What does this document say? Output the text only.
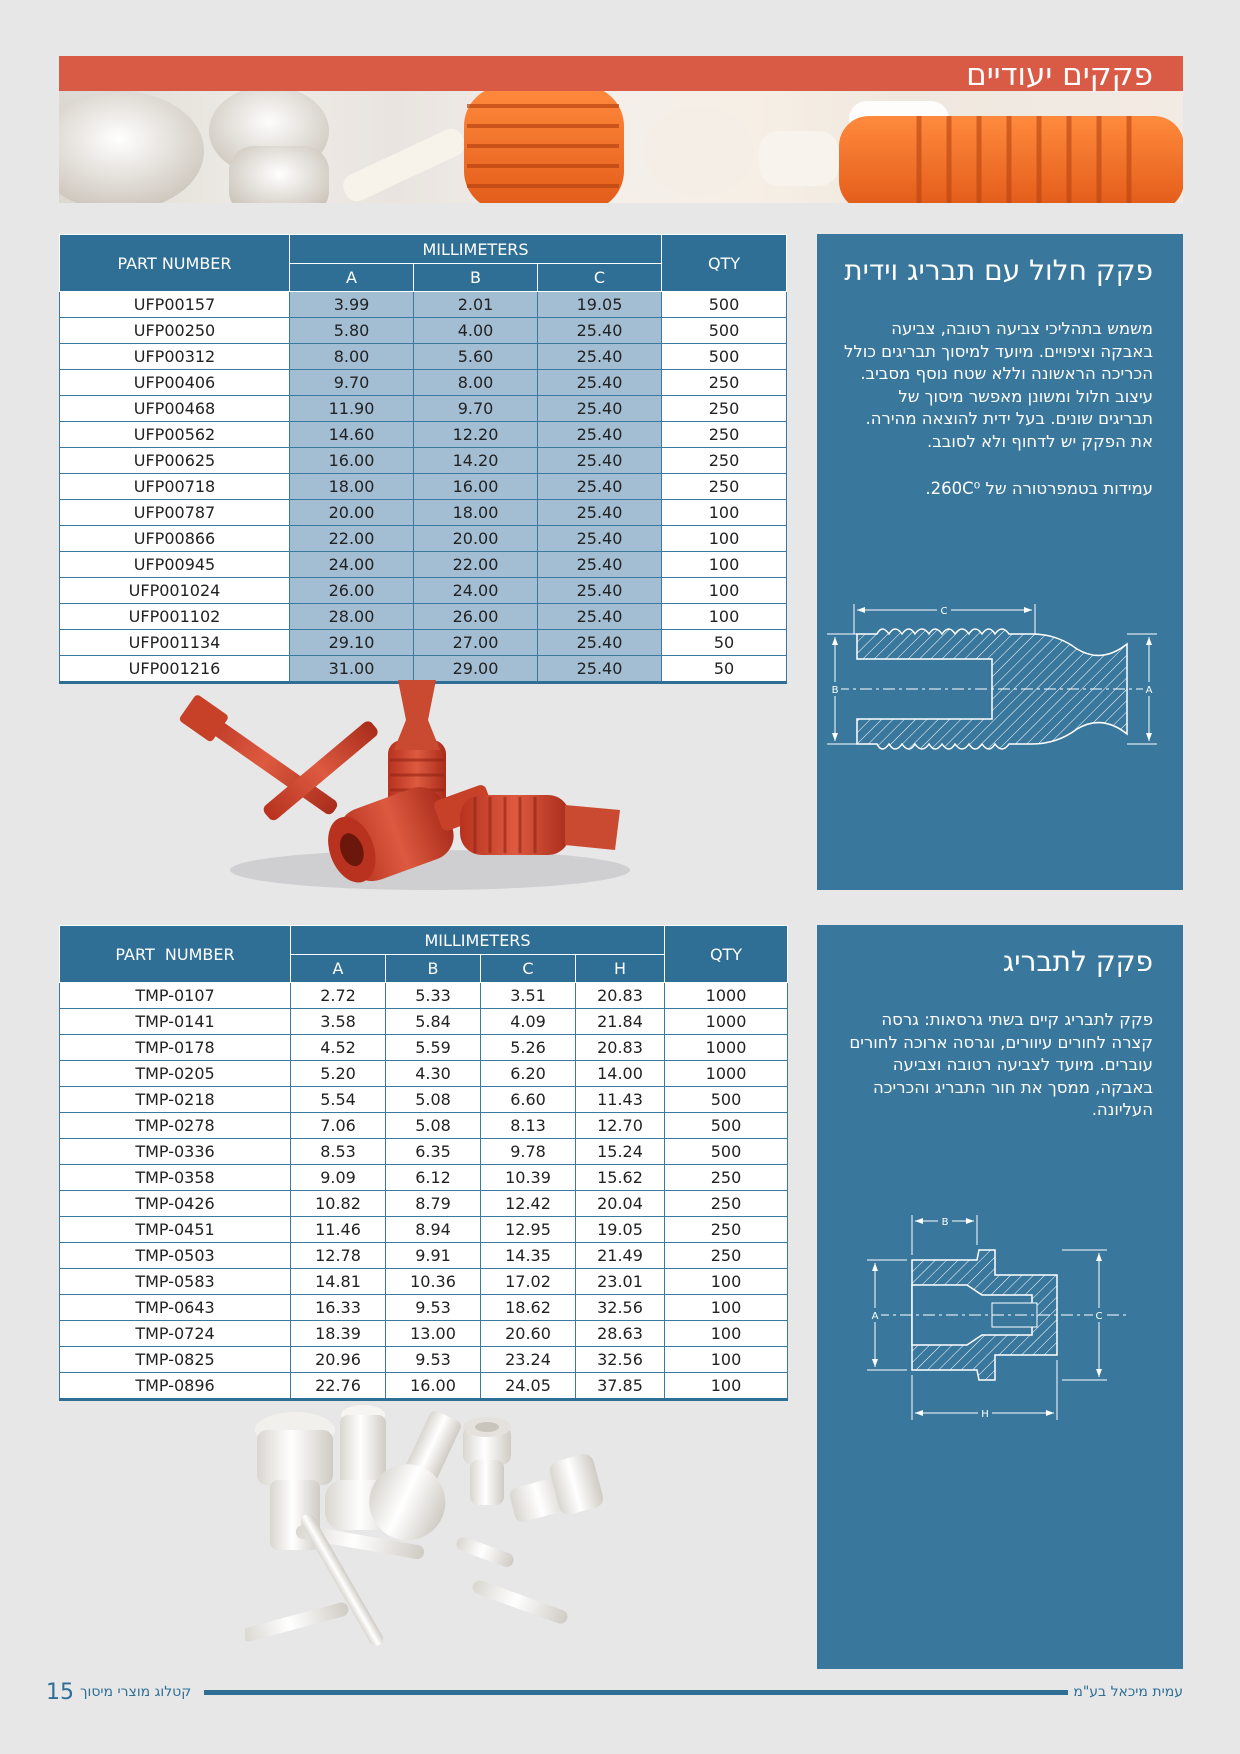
פקקים יעודיים
PART NUMBER	MILLIMETERS			QTY
	A	B	C	
UFP00157	3.99	2.01	19.05	500
UFP00250	5.80	4.00	25.40	500
UFP00312	8.00	5.60	25.40	500
UFP00406	9.70	8.00	25.40	250
UFP00468	11.90	9.70	25.40	250
UFP00562	14.60	12.20	25.40	250
UFP00625	16.00	14.20	25.40	250
UFP00718	18.00	16.00	25.40	250
UFP00787	20.00	18.00	25.40	100
UFP00866	22.00	20.00	25.40	100
UFP00945	24.00	22.00	25.40	100
UFP001024	26.00	24.00	25.40	100
UFP001102	28.00	26.00	25.40	100
UFP001134	29.10	27.00	25.40	50
UFP001216	31.00	29.00	25.40	50
פקק חלול עם תבריג וידית

משמש בתהליכי צביעה רטובה, צביעה באבקה וציפויים. מיועד למיסוך תבריגים כולל הכריכה הראשונה וללא שטח נוסף מסביב. עיצוב חלול ומשונן מאפשר מיסוך של תבריגים שונים. בעל ידית להוצאה מהירה. את הפקק יש לדחוף ולא לסובב.

עמידות בטמפרטורה של 260C⁰.

C
B	A
PART  NUMBER	MILLIMETERS				QTY
	A	B	C	H	
TMP-0107	2.72	5.33	3.51	20.83	1000
TMP-0141	3.58	5.84	4.09	21.84	1000
TMP-0178	4.52	5.59	5.26	20.83	1000
TMP-0205	5.20	4.30	6.20	14.00	1000
TMP-0218	5.54	5.08	6.60	11.43	500
TMP-0278	7.06	5.08	8.13	12.70	500
TMP-0336	8.53	6.35	9.78	15.24	500
TMP-0358	9.09	6.12	10.39	15.62	250
TMP-0426	10.82	8.79	12.42	20.04	250
TMP-0451	11.46	8.94	12.95	19.05	250
TMP-0503	12.78	9.91	14.35	21.49	250
TMP-0583	14.81	10.36	17.02	23.01	100
TMP-0643	16.33	9.53	18.62	32.56	100
TMP-0724	18.39	13.00	20.60	28.63	100
TMP-0825	20.96	9.53	23.24	32.56	100
TMP-0896	22.76	16.00	24.05	37.85	100
פקק לתבריג

פקק לתבריג קיים בשתי גרסאות: גרסה קצרה לחורים עיוורים, וגרסה ארוכה לחורים עוברים. מיועד לצביעה רטובה וצביעה באבקה, ממסך את חור התבריג והכריכה העליונה.

B
A	C
H
15 קטלוג מוצרי מיסוך	עמית מיכאל בע"מ
